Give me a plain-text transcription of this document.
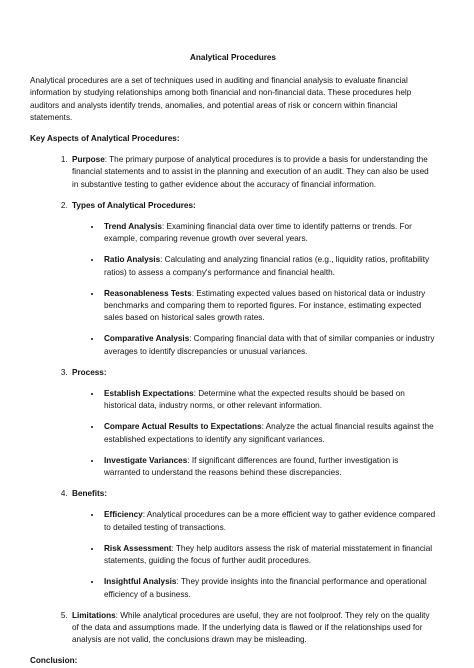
Analytical Procedures

Analytical procedures are a set of techniques used in auditing and financial analysis to evaluate financial information by studying relationships among both financial and non-financial data. These procedures help auditors and analysts identify trends, anomalies, and potential areas of risk or concern within financial statements.

Key Aspects of Analytical Procedures:

1. Purpose: The primary purpose of analytical procedures is to provide a basis for understanding the financial statements and to assist in the planning and execution of an audit. They can also be used in substantive testing to gather evidence about the accuracy of financial information.
2. Types of Analytical Procedures:
• Trend Analysis: Examining financial data over time to identify patterns or trends. For example, comparing revenue growth over several years.
• Ratio Analysis: Calculating and analyzing financial ratios (e.g., liquidity ratios, profitability ratios) to assess a company's performance and financial health.
• Reasonableness Tests: Estimating expected values based on historical data or industry benchmarks and comparing them to reported figures. For instance, estimating expected sales based on historical sales growth rates.
• Comparative Analysis: Comparing financial data with that of similar companies or industry averages to identify discrepancies or unusual variances.
3. Process:
• Establish Expectations: Determine what the expected results should be based on historical data, industry norms, or other relevant information.
• Compare Actual Results to Expectations: Analyze the actual financial results against the established expectations to identify any significant variances.
• Investigate Variances: If significant differences are found, further investigation is warranted to understand the reasons behind these discrepancies.
4. Benefits:
• Efficiency: Analytical procedures can be a more efficient way to gather evidence compared to detailed testing of transactions.
• Risk Assessment: They help auditors assess the risk of material misstatement in financial statements, guiding the focus of further audit procedures.
• Insightful Analysis: They provide insights into the financial performance and operational efficiency of a business.
5. Limitations: While analytical procedures are useful, they are not foolproof. They rely on the quality of the data and assumptions made. If the underlying data is flawed or if the relationships used for analysis are not valid, the conclusions drawn may be misleading.

Conclusion:
